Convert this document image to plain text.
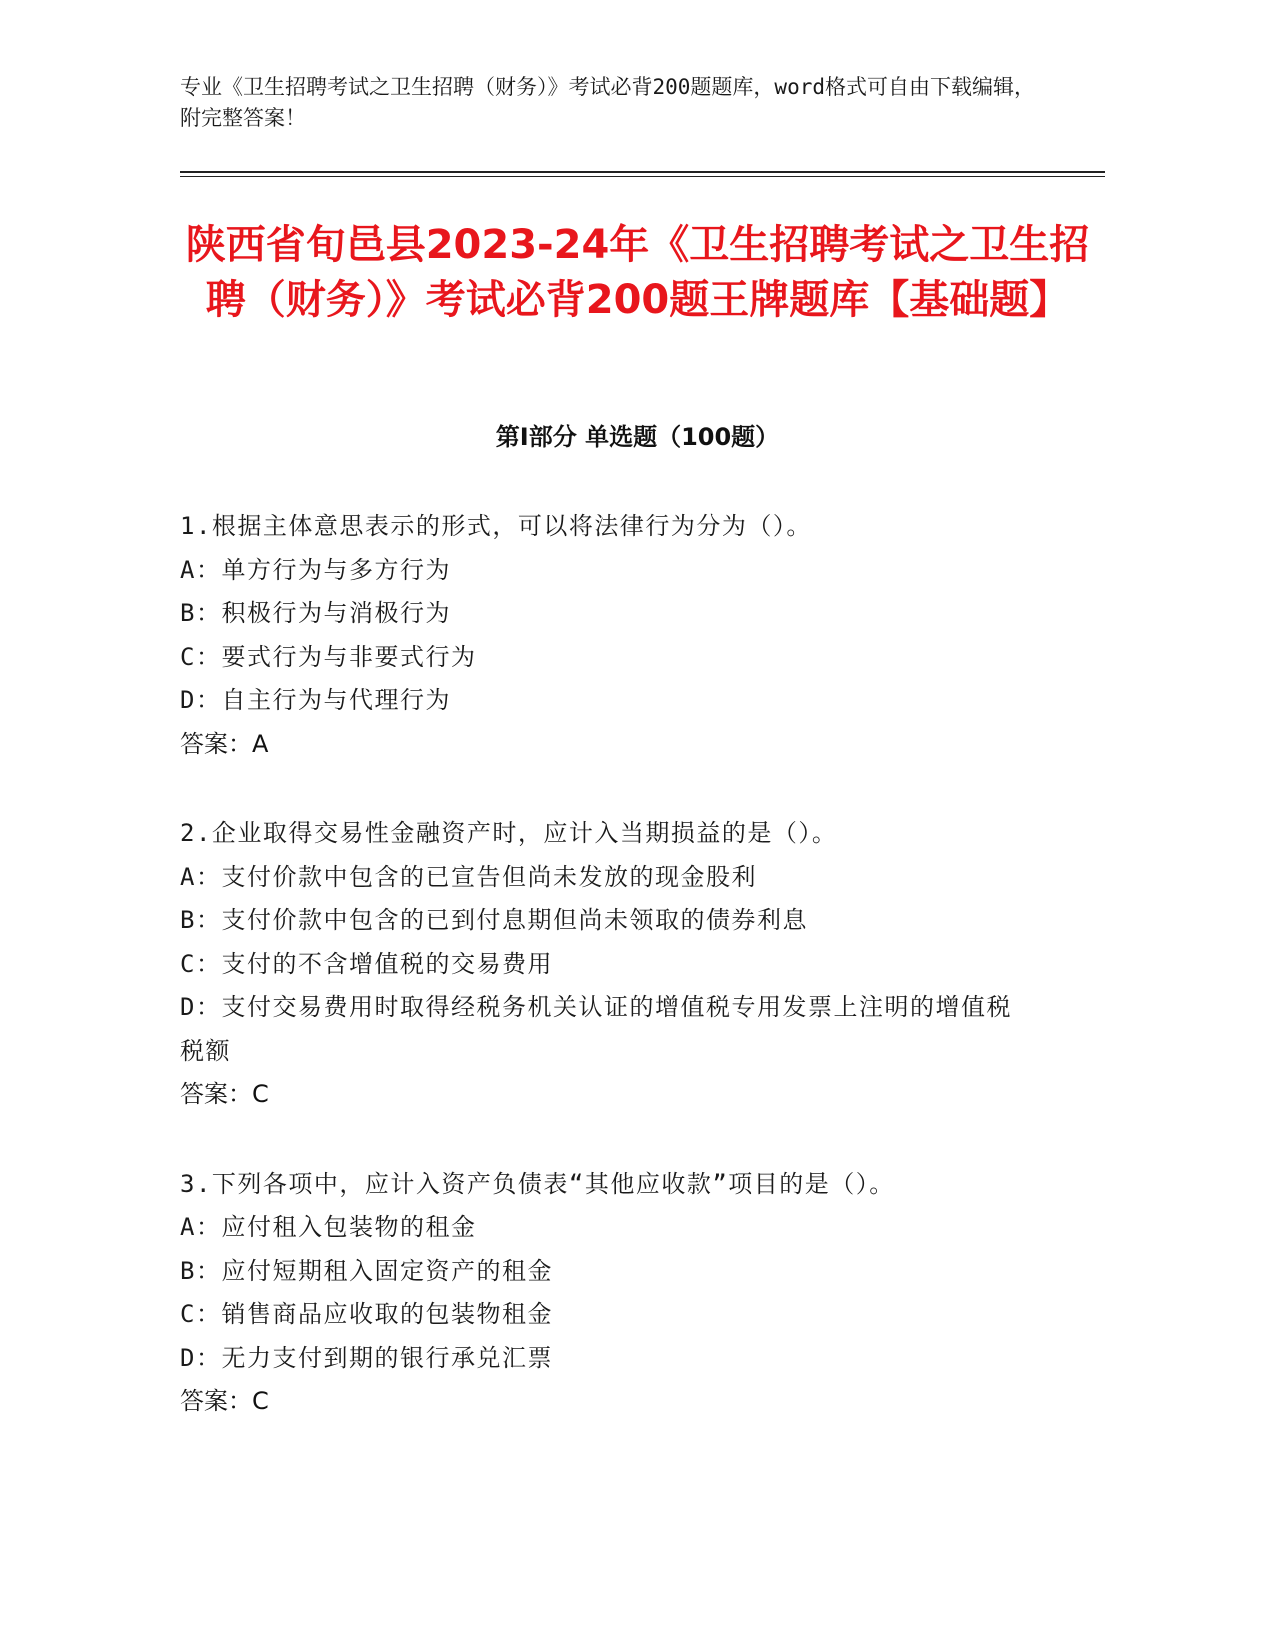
专业《卫生招聘考试之卫生招聘（财务）》考试必背200题题库，word格式可自由下载编辑，附完整答案！
陕西省旬邑县2023-24年《卫生招聘考试之卫生招聘（财务）》考试必背200题王牌题库【基础题】
第Ⅰ部分 单选题（100题）
1.根据主体意思表示的形式，可以将法律行为分为（）。
A：单方行为与多方行为
B：积极行为与消极行为
C：要式行为与非要式行为
D：自主行为与代理行为
答案：A
2.企业取得交易性金融资产时，应计入当期损益的是（）。
A：支付价款中包含的已宣告但尚未发放的现金股利
B：支付价款中包含的已到付息期但尚未领取的债券利息
C：支付的不含增值税的交易费用
D：支付交易费用时取得经税务机关认证的增值税专用发票上注明的增值税税额
答案：C
3.下列各项中，应计入资产负债表“其他应收款”项目的是（）。
A：应付租入包装物的租金
B：应付短期租入固定资产的租金
C：销售商品应收取的包装物租金
D：无力支付到期的银行承兑汇票
答案：C
